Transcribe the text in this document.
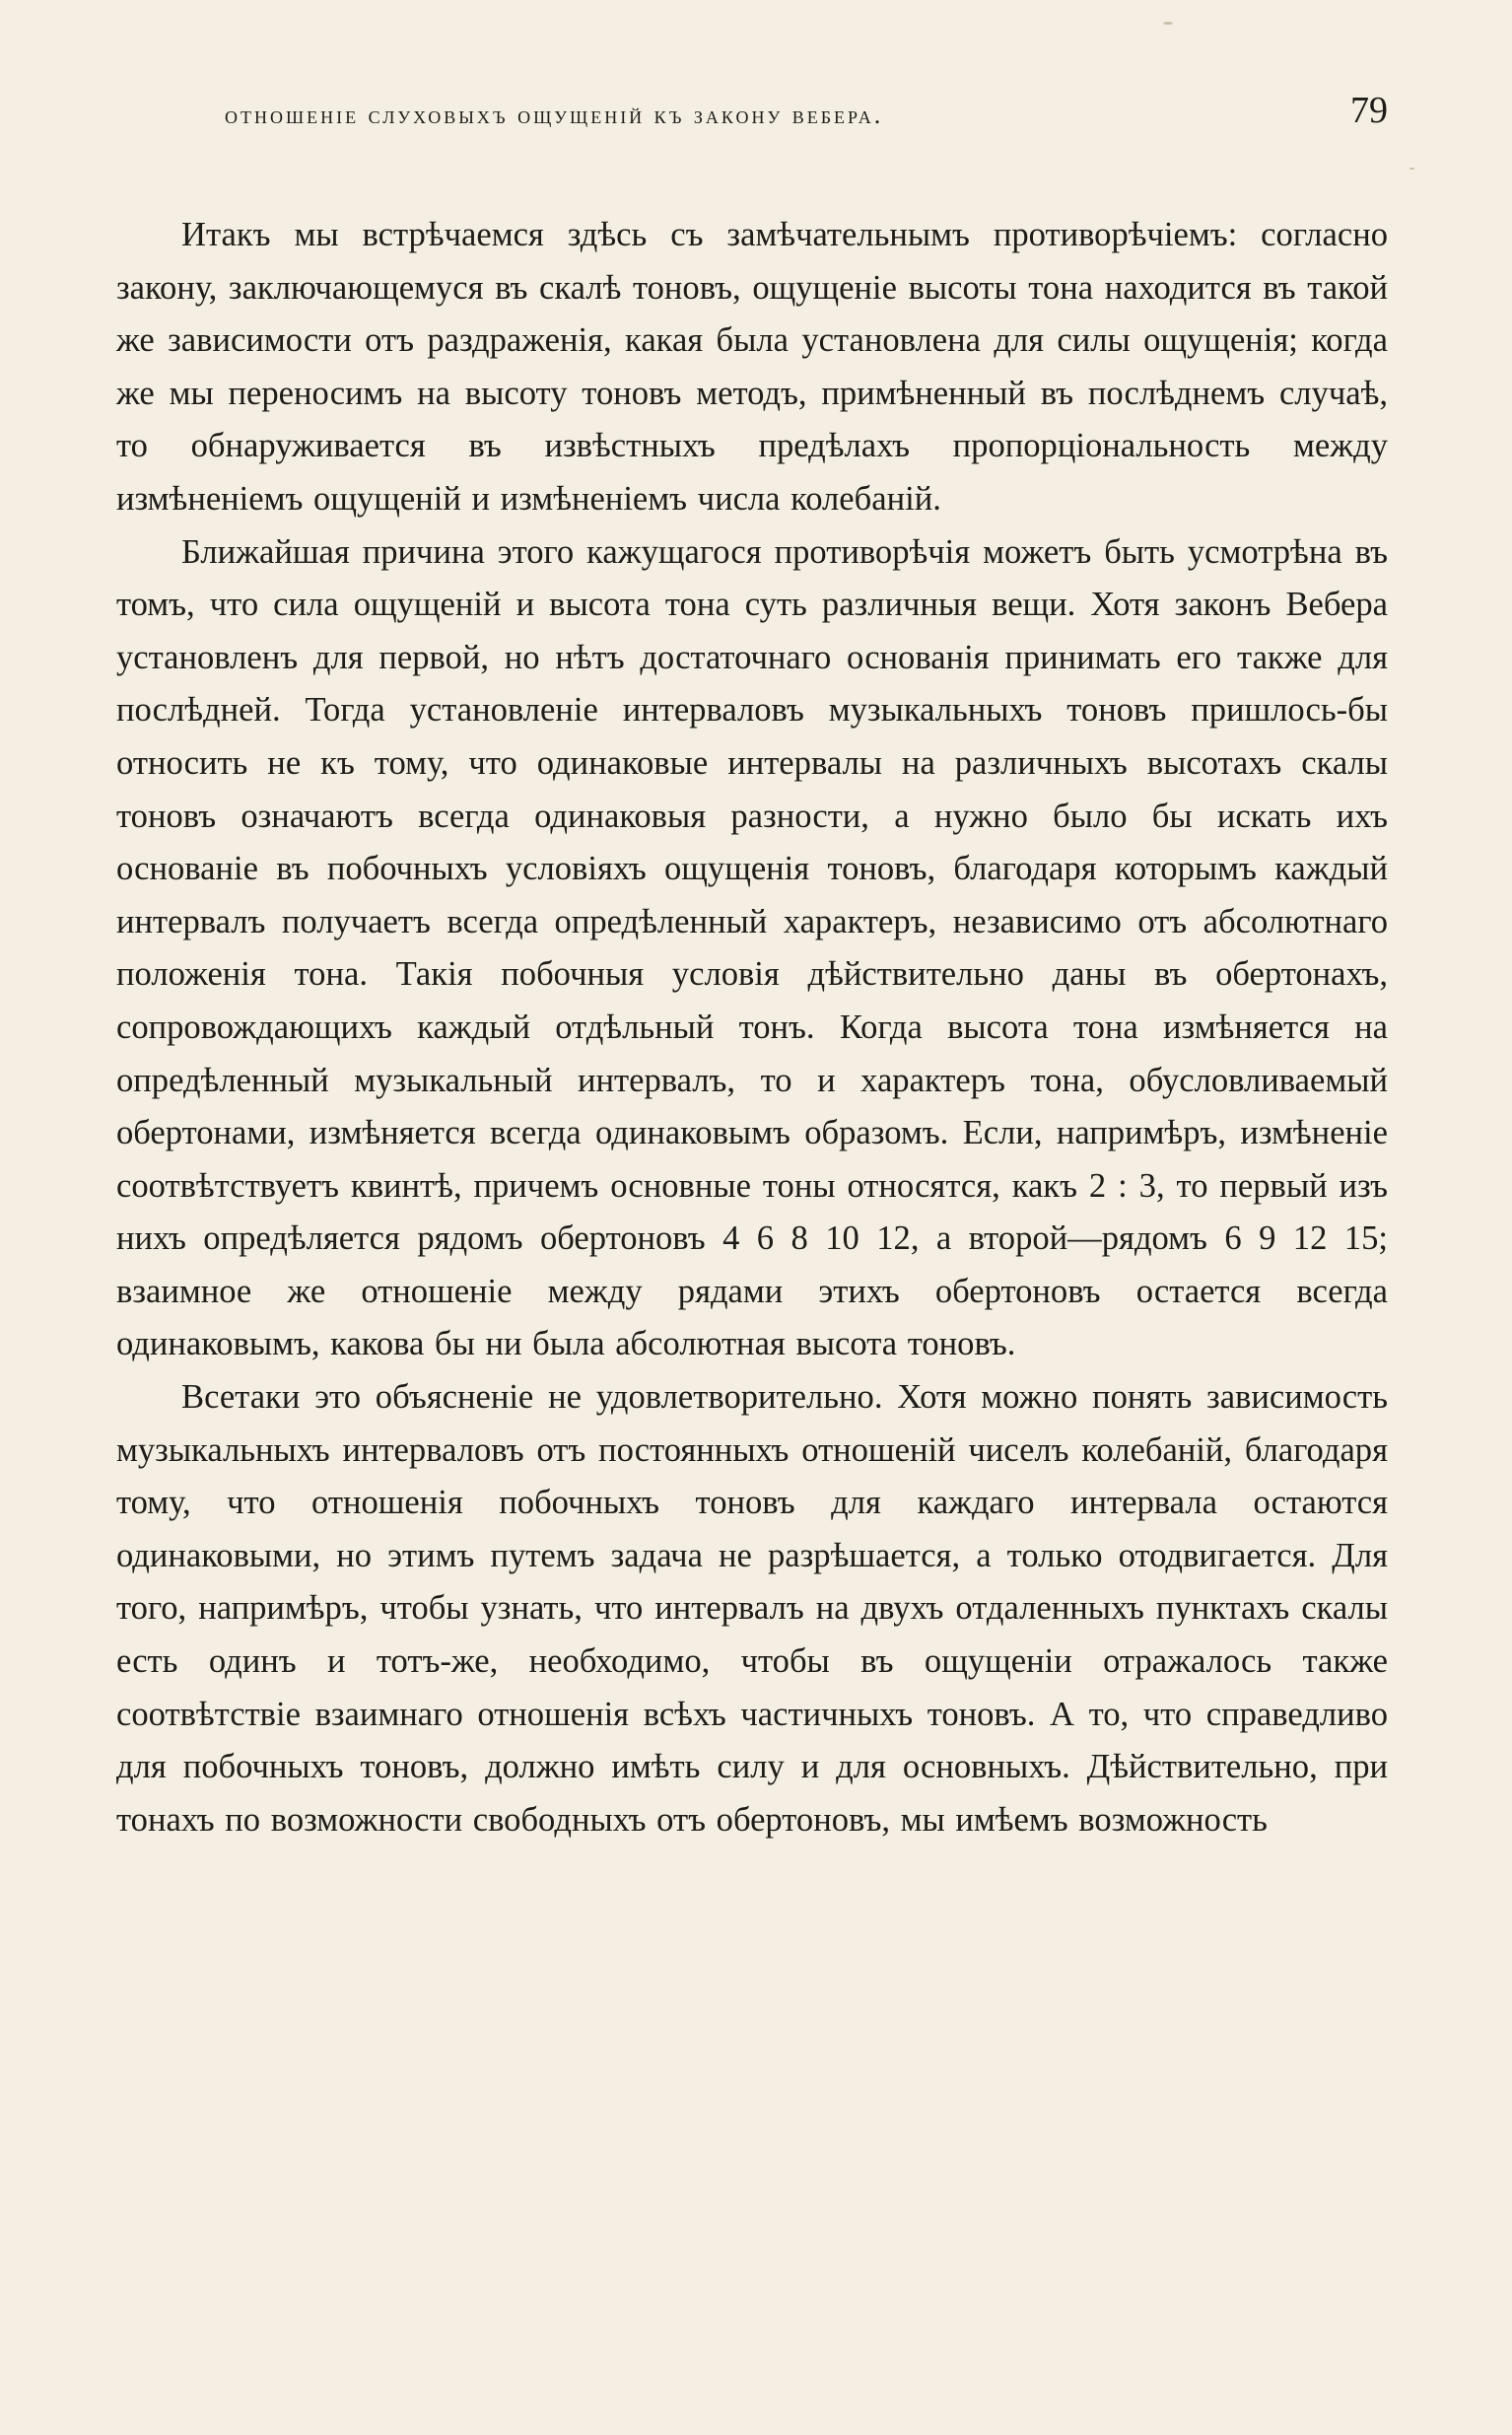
отношеніе слуховыхъ ощущеній къ закону вебера.	79

Итакъ мы встрѣчаемся здѣсь съ замѣчательнымъ противорѣчіемъ: согласно закону, заключающемуся въ скалѣ тоновъ, ощущеніе высоты тона находится въ такой же зависимости отъ раздраженія, какая была установлена для силы ощущенія; когда же мы переносимъ на высоту тоновъ методъ, примѣненный въ послѣднемъ случаѣ, то обнаруживается въ извѣстныхъ предѣлахъ пропорціональность между измѣненіемъ ощущеній и измѣненіемъ числа колебаній.

Ближайшая причина этого кажущагося противорѣчія можетъ быть усмотрѣна въ томъ, что сила ощущеній и высота тона суть различныя вещи. Хотя законъ Вебера установленъ для первой, но нѣтъ достаточнаго основанія принимать его также для послѣдней. Тогда установленіе интерваловъ музыкальныхъ тоновъ пришлось-бы относить не къ тому, что одинаковые интервалы на различныхъ высотахъ скалы тоновъ означаютъ всегда одинаковыя разности, а нужно было бы искать ихъ основаніе въ побочныхъ условіяхъ ощущенія тоновъ, благодаря которымъ каждый интервалъ получаетъ всегда опредѣленный характеръ, независимо отъ абсолютнаго положенія тона. Такія побочныя условія дѣйствительно даны въ обертонахъ, сопровождающихъ каждый отдѣльный тонъ. Когда высота тона измѣняется на опредѣленный музыкальный интервалъ, то и характеръ тона, обусловливаемый обертонами, измѣняется всегда одинаковымъ образомъ. Если, напримѣръ, измѣненіе соотвѣтствуетъ квинтѣ, причемъ основные тоны относятся, какъ 2 : 3, то первый изъ нихъ опредѣляется рядомъ обертоновъ 4 6 8 10 12, а второй—рядомъ 6 9 12 15; взаимное же отношеніе между рядами этихъ обертоновъ остается всегда одинаковымъ, какова бы ни была абсолютная высота тоновъ.

Всетаки это объясненіе не удовлетворительно. Хотя можно понять зависимость музыкальныхъ интерваловъ отъ постоянныхъ отношеній чиселъ колебаній, благодаря тому, что отношенія побочныхъ тоновъ для каждаго интервала остаются одинаковыми, но этимъ путемъ задача не разрѣшается, а только отодвигается. Для того, напримѣръ, чтобы узнать, что интервалъ на двухъ отдаленныхъ пунктахъ скалы есть одинъ и тотъ-же, необходимо, чтобы въ ощущеніи отражалось также соотвѣтствіе взаимнаго отношенія всѣхъ частичныхъ тоновъ. А то, что справедливо для побочныхъ тоновъ, должно имѣть силу и для основныхъ. Дѣйствительно, при тонахъ по возможности свободныхъ отъ обертоновъ, мы имѣемъ возможность
